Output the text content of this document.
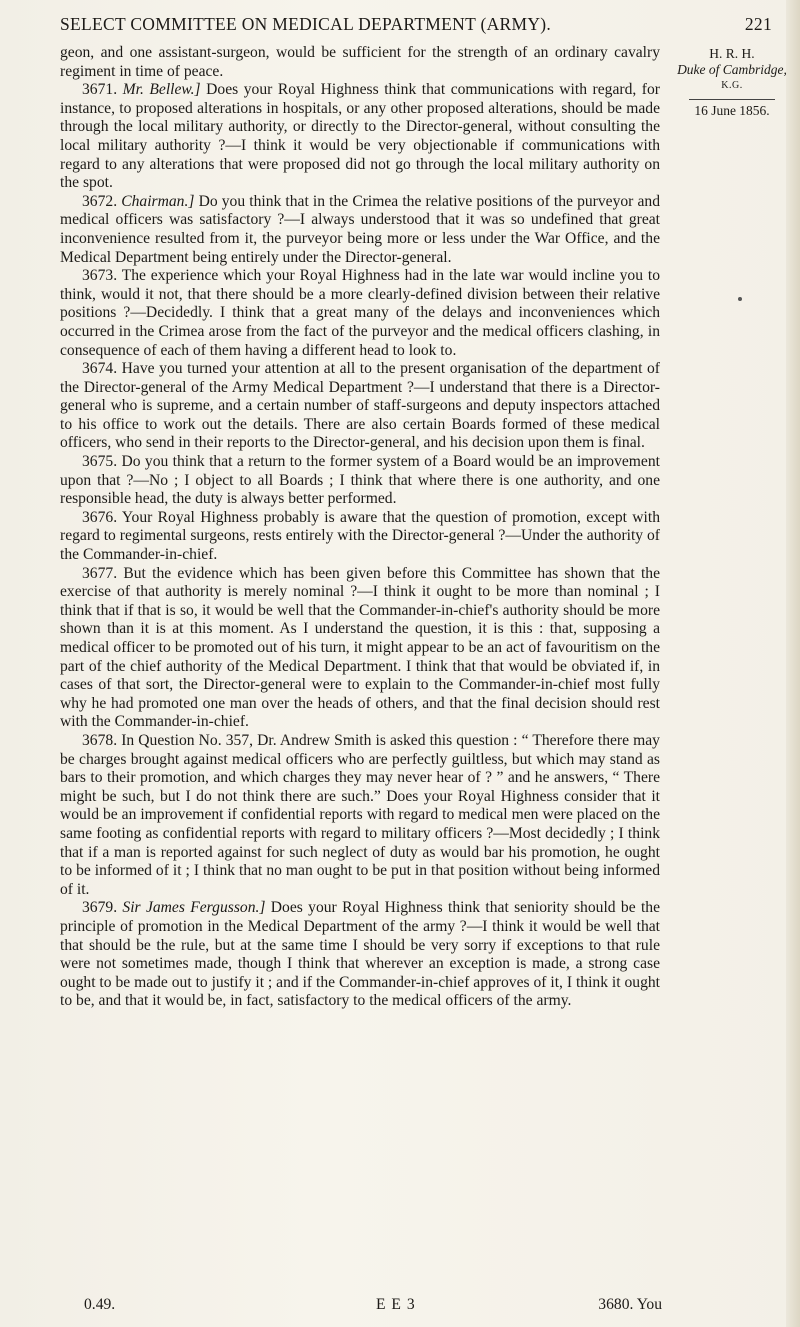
SELECT COMMITTEE ON MEDICAL DEPARTMENT (ARMY).	221
H. R. H.
Duke of Cambridge,
K.G.
16 June 1856.

geon, and one assistant-surgeon, would be sufficient for the strength of an ordinary cavalry regiment in time of peace.

3671. Mr. Bellew.] Does your Royal Highness think that communications with regard, for instance, to proposed alterations in hospitals, or any other proposed alterations, should be made through the local military authority, or directly to the Director-general, without consulting the local military authority ?—I think it would be very objectionable if communications with regard to any alterations that were proposed did not go through the local military authority on the spot.

3672. Chairman.] Do you think that in the Crimea the relative positions of the purveyor and medical officers was satisfactory ?—I always understood that it was so undefined that great inconvenience resulted from it, the purveyor being more or less under the War Office, and the Medical Department being entirely under the Director-general.

3673. The experience which your Royal Highness had in the late war would incline you to think, would it not, that there should be a more clearly-defined division between their relative positions ?—Decidedly. I think that a great many of the delays and inconveniences which occurred in the Crimea arose from the fact of the purveyor and the medical officers clashing, in consequence of each of them having a different head to look to.

3674. Have you turned your attention at all to the present organisation of the department of the Director-general of the Army Medical Department ?—I understand that there is a Director-general who is supreme, and a certain number of staff-surgeons and deputy inspectors attached to his office to work out the details. There are also certain Boards formed of these medical officers, who send in their reports to the Director-general, and his decision upon them is final.

3675. Do you think that a return to the former system of a Board would be an improvement upon that ?—No ; I object to all Boards ; I think that where there is one authority, and one responsible head, the duty is always better performed.

3676. Your Royal Highness probably is aware that the question of promotion, except with regard to regimental surgeons, rests entirely with the Director-general ?—Under the authority of the Commander-in-chief.

3677. But the evidence which has been given before this Committee has shown that the exercise of that authority is merely nominal ?—I think it ought to be more than nominal ; I think that if that is so, it would be well that the Commander-in-chief's authority should be more shown than it is at this moment. As I understand the question, it is this : that, supposing a medical officer to be promoted out of his turn, it might appear to be an act of favouritism on the part of the chief authority of the Medical Department. I think that that would be obviated if, in cases of that sort, the Director-general were to explain to the Commander-in-chief most fully why he had promoted one man over the heads of others, and that the final decision should rest with the Commander-in-chief.

3678. In Question No. 357, Dr. Andrew Smith is asked this question : “ Therefore there may be charges brought against medical officers who are perfectly guiltless, but which may stand as bars to their promotion, and which charges they may never hear of ? ” and he answers, “ There might be such, but I do not think there are such.” Does your Royal Highness consider that it would be an improvement if confidential reports with regard to medical men were placed on the same footing as confidential reports with regard to military officers ?—Most decidedly ; I think that if a man is reported against for such neglect of duty as would bar his promotion, he ought to be informed of it ; I think that no man ought to be put in that position without being informed of it.

3679. Sir James Fergusson.] Does your Royal Highness think that seniority should be the principle of promotion in the Medical Department of the army ?—I think it would be well that that should be the rule, but at the same time I should be very sorry if exceptions to that rule were not sometimes made, though I think that wherever an exception is made, a strong case ought to be made out to justify it ; and if the Commander-in-chief approves of it, I think it ought to be, and that it would be, in fact, satisfactory to the medical officers of the army.

0.49.	E E 3	3680. You
